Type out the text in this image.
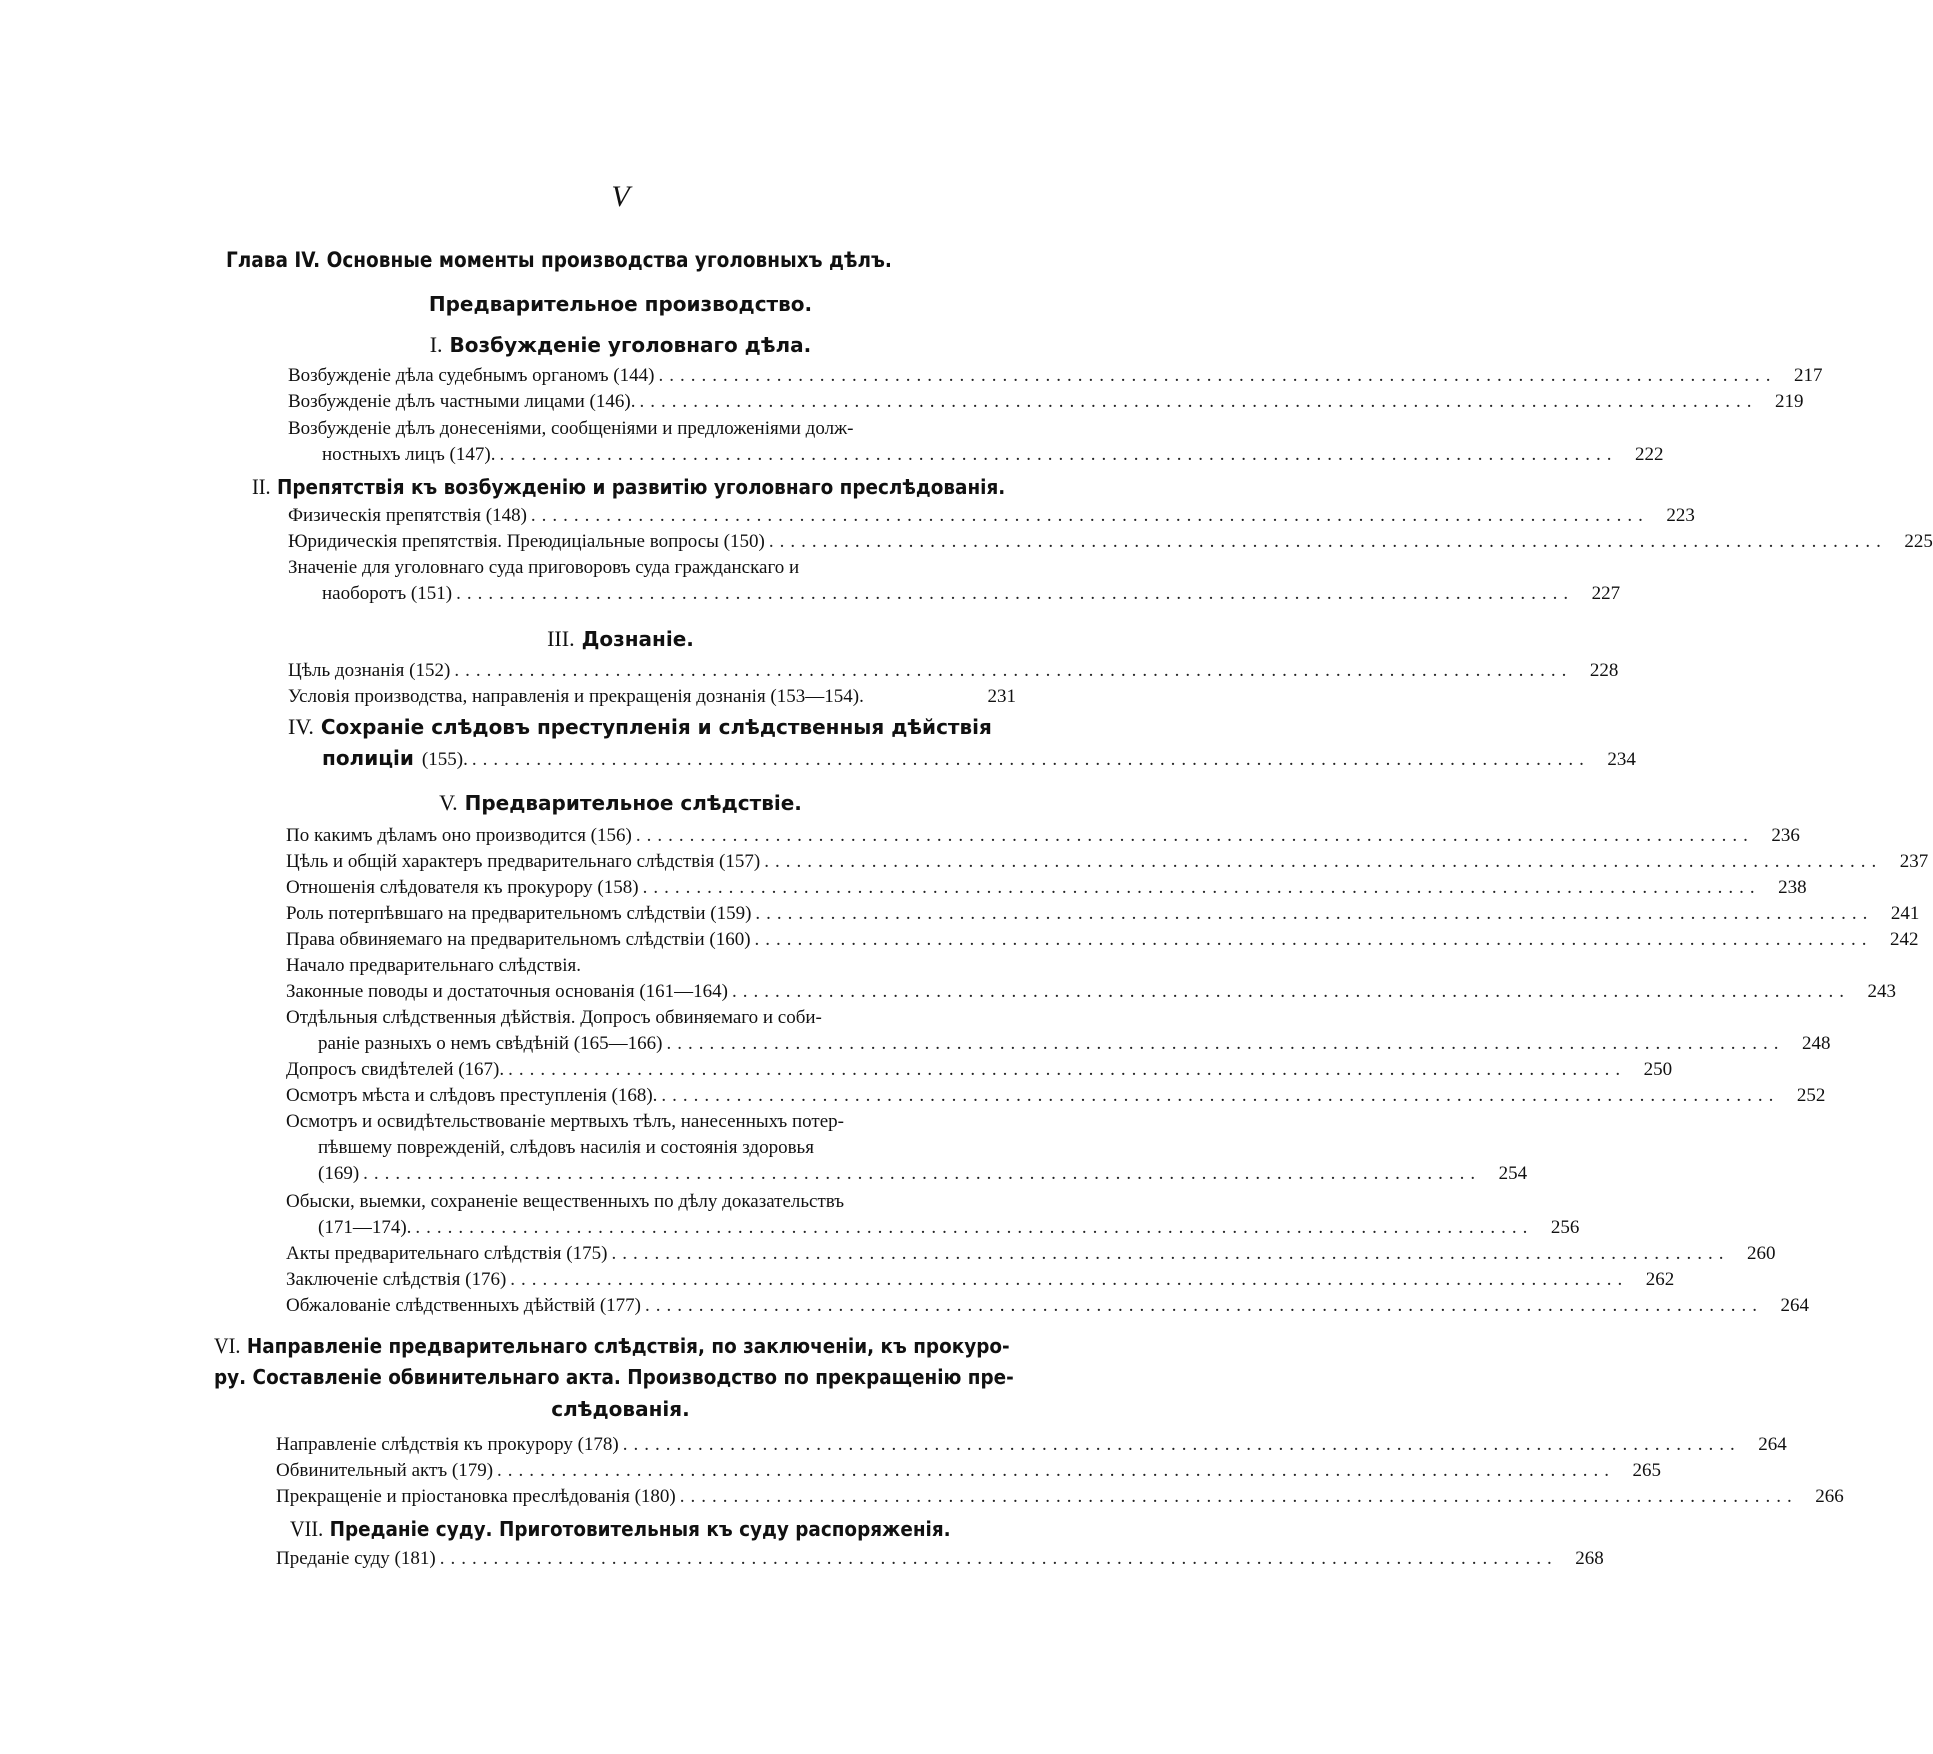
V
Глава IV. Основные моменты производства уголовныхъ дѣлъ.
Предварительное производство.
I. Возбужденіе уголовнаго дѣла.
Возбужденіе дѣла судебнымъ органомъ (144) ........................................................................................................ 217
Возбужденіе дѣлъ частными лицами (146). ........................................................................................................ 219
Возбужденіе дѣлъ донесеніями, сообщеніями и предложеніями долж-
ностныхъ лицъ (147). ........................................................................................................ 222
II. Препятствія къ возбужденію и развитію уголовнаго преслѣдованія.
Физическія препятствія (148) ........................................................................................................ 223
Юридическія препятствія. Преюдиціальные вопросы (150) ........................................................................................................ 225
Значеніе для уголовнаго суда приговоровъ суда гражданскаго и
наоборотъ (151) ........................................................................................................ 227
III. Дознаніе.
Цѣль дознанія (152) ........................................................................................................ 228
Условія производства, направленія и прекращенія дознанія (153—154).	231
IV. Сохраніе слѣдовъ преступленія и слѣдственныя дѣйствія
полиціи (155). ........................................................................................................ 234
V. Предварительное слѣдствіе.
По какимъ дѣламъ оно производится (156) ........................................................................................................ 236
Цѣль и общій характеръ предварительнаго слѣдствія (157) ........................................................................................................ 237
Отношенія слѣдователя къ прокурору (158) ........................................................................................................ 238
Роль потерпѣвшаго на предварительномъ слѣдствіи (159) ........................................................................................................ 241
Права обвиняемаго на предварительномъ слѣдствіи (160) ........................................................................................................ 242
Начало предварительнаго слѣдствія.
Законные поводы и достаточныя основанія (161—164) ........................................................................................................ 243
Отдѣльныя слѣдственныя дѣйствія. Допросъ обвиняемаго и соби-
раніе разныхъ о немъ свѣдѣній (165—166) ........................................................................................................ 248
Допросъ свидѣтелей (167). ........................................................................................................ 250
Осмотръ мѣста и слѣдовъ преступленія (168). ........................................................................................................ 252
Осмотръ и освидѣтельствованіе мертвыхъ тѣлъ, нанесенныхъ потер-
пѣвшему поврежденій, слѣдовъ насилія и состоянія здоровья
(169) ........................................................................................................ 254
Обыски, выемки, сохраненіе вещественныхъ по дѣлу доказательствъ
(171—174). ........................................................................................................ 256
Акты предварительнаго слѣдствія (175) ........................................................................................................ 260
Заключеніе слѣдствія (176) ........................................................................................................ 262
Обжалованіе слѣдственныхъ дѣйствій (177) ........................................................................................................ 264
VI. Направленіе предварительнаго слѣдствія, по заключеніи, къ прокуро-
ру. Составленіе обвинительнаго акта. Производство по прекращенію пре-
слѣдованія.
Направленіе слѣдствія къ прокурору (178) ........................................................................................................ 264
Обвинительный актъ (179) ........................................................................................................ 265
Прекращеніе и пріостановка преслѣдованія (180) ........................................................................................................ 266
VII. Преданіе суду. Приготовительныя къ суду распоряженія.
Преданіе суду (181) ........................................................................................................ 268
